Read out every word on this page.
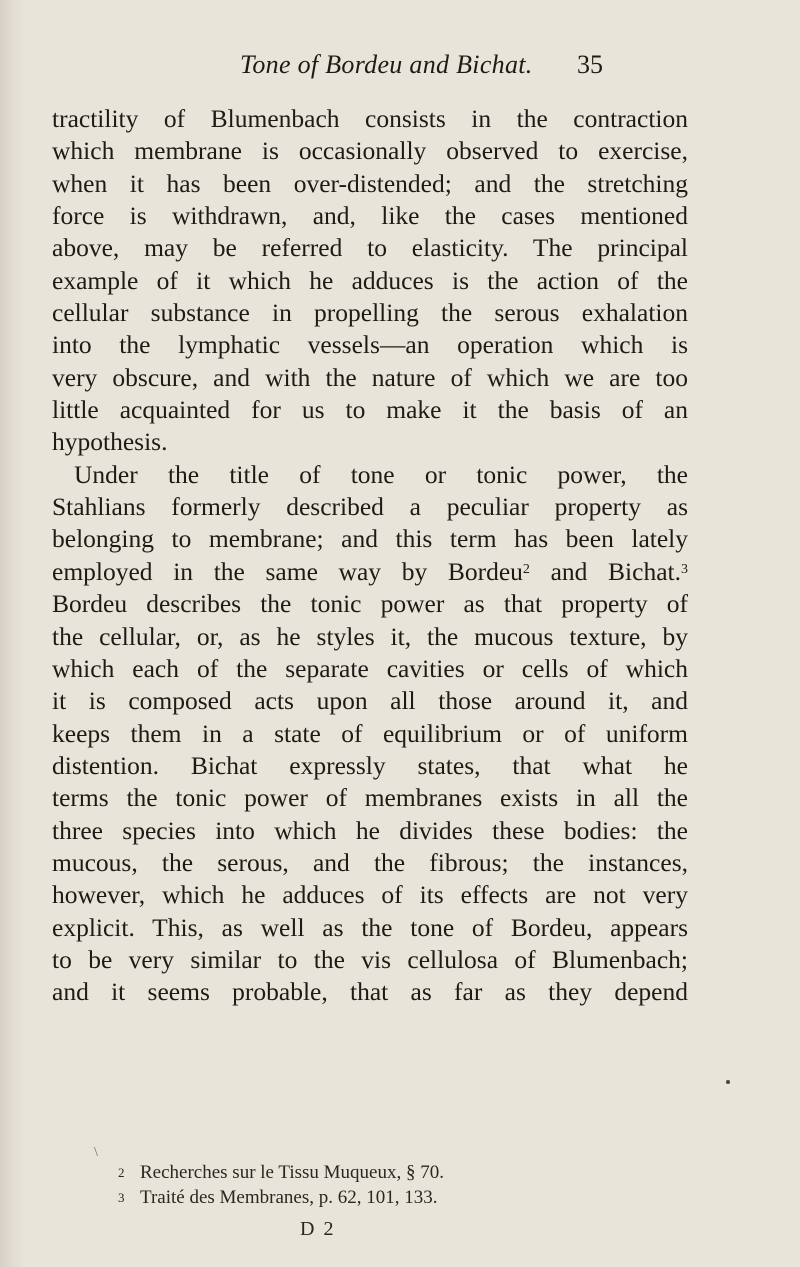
Tone of Bordeu and Bichat. 35
tractility of Blumenbach consists in the contraction
which membrane is occasionally observed to exercise,
when it has been over-distended; and the stretching
force is withdrawn, and, like the cases mentioned
above, may be referred to elasticity. The principal
example of it which he adduces is the action of the
cellular substance in propelling the serous exhalation
into the lymphatic vessels—an operation which is
very obscure, and with the nature of which we are too
little acquainted for us to make it the basis of an
hypothesis.
Under the title of tone or tonic power, the
Stahlians formerly described a peculiar property as
belonging to membrane; and this term has been lately
employed in the same way by Bordeu$^2$ and Bichat.$^3$
Bordeu describes the tonic power as that property of
the cellular, or, as he styles it, the mucous texture, by
which each of the separate cavities or cells of which
it is composed acts upon all those around it, and
keeps them in a state of equilibrium or of uniform
distention. Bichat expressly states, that what he
terms the tonic power of membranes exists in all the
three species into which he divides these bodies: the
mucous, the serous, and the fibrous; the instances,
however, which he adduces of its effects are not very
explicit. This, as well as the tone of Bordeu, appears
to be very similar to the vis cellulosa of Blumenbach;
and it seems probable, that as far as they depend
\
2 Recherches sur le Tissu Muqueux, § 70.
3 Traité des Membranes, p. 62, 101, 133.
D 2
